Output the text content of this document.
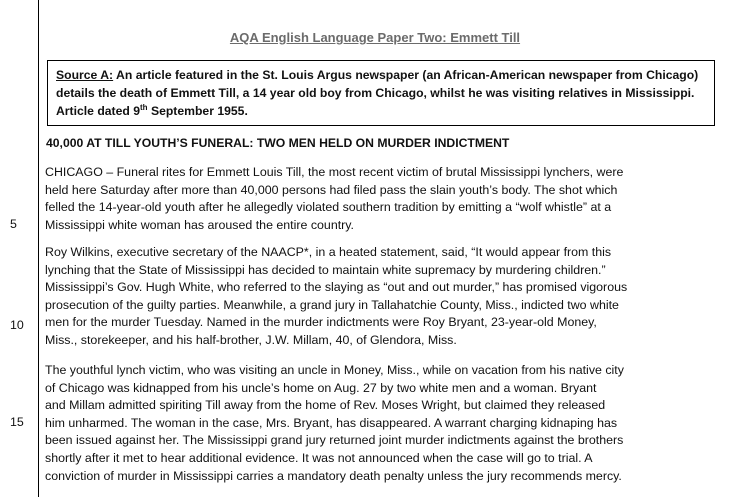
AQA English Language Paper Two: Emmett Till
Source A: An article featured in the St. Louis Argus newspaper (an African-American newspaper from Chicago) details the death of Emmett Till, a 14 year old boy from Chicago, whilst he was visiting relatives in Mississippi. Article dated 9th September 1955.
40,000 AT TILL YOUTH’S FUNERAL: TWO MEN HELD ON MURDER INDICTMENT
CHICAGO – Funeral rites for Emmett Louis Till, the most recent victim of brutal Mississippi lynchers, were
held here Saturday after more than 40,000 persons had filed pass the slain youth’s body. The shot which
felled the 14-year-old youth after he allegedly violated southern tradition by emitting a “wolf whistle” at a
Mississippi white woman has aroused the entire country.
Roy Wilkins, executive secretary of the NAACP*, in a heated statement, said, “It would appear from this
lynching that the State of Mississippi has decided to maintain white supremacy by murdering children.”
Mississippi’s Gov. Hugh White, who referred to the slaying as “out and out murder,” has promised vigorous
prosecution of the guilty parties. Meanwhile, a grand jury in Tallahatchie County, Miss., indicted two white
men for the murder Tuesday. Named in the murder indictments were Roy Bryant, 23-year-old Money,
Miss., storekeeper, and his half-brother, J.W. Millam, 40, of Glendora, Miss.
The youthful lynch victim, who was visiting an uncle in Money, Miss., while on vacation from his native city
of Chicago was kidnapped from his uncle’s home on Aug. 27 by two white men and a woman. Bryant
and Millam admitted spiriting Till away from the home of Rev. Moses Wright, but claimed they released
him unharmed. The woman in the case, Mrs. Bryant, has disappeared. A warrant charging kidnaping has
been issued against her. The Mississippi grand jury returned joint murder indictments against the brothers
shortly after it met to hear additional evidence. It was not announced when the case will go to trial. A
conviction of murder in Mississippi carries a mandatory death penalty unless the jury recommends mercy.
5
10
15
